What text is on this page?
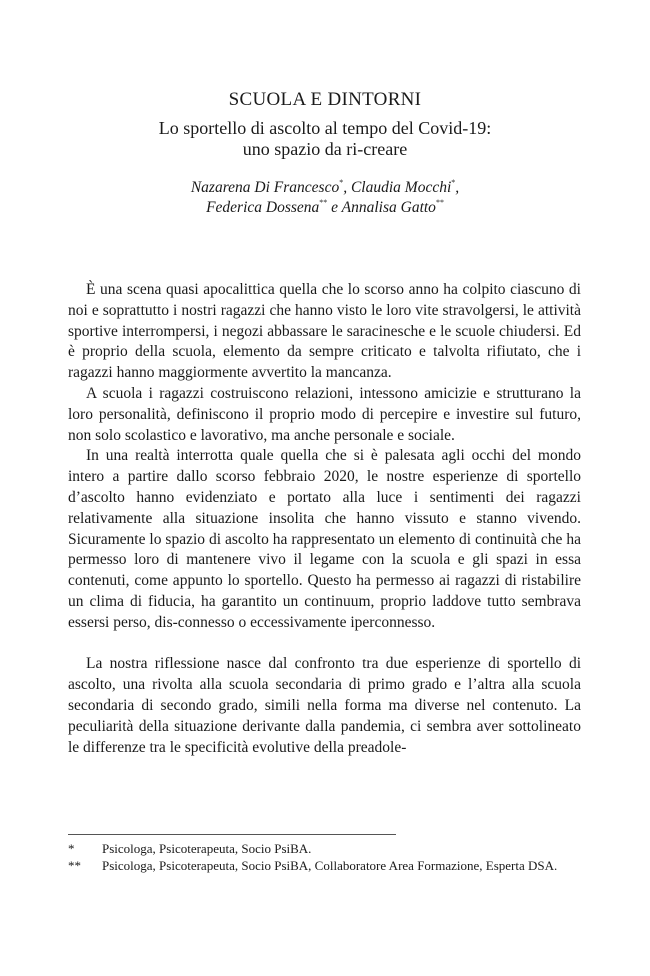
SCUOLA E DINTORNI
Lo sportello di ascolto al tempo del Covid-19:
uno spazio da ri-creare
Nazarena Di Francesco*, Claudia Mocchi*,
Federica Dossena** e Annalisa Gatto**

È una scena quasi apocalittica quella che lo scorso anno ha colpito ciascuno di noi e soprattutto i nostri ragazzi che hanno visto le loro vite stravolgersi, le attività sportive interrompersi, i negozi abbassare le saracinesche e le scuole chiudersi. Ed è proprio della scuola, elemento da sempre criticato e talvolta rifiutato, che i ragazzi hanno maggiormente avvertito la mancanza.

A scuola i ragazzi costruiscono relazioni, intessono amicizie e strutturano la loro personalità, definiscono il proprio modo di percepire e investire sul futuro, non solo scolastico e lavorativo, ma anche personale e sociale.

In una realtà interrotta quale quella che si è palesata agli occhi del mondo intero a partire dallo scorso febbraio 2020, le nostre esperienze di sportello d’ascolto hanno evidenziato e portato alla luce i sentimenti dei ragazzi relativamente alla situazione insolita che hanno vissuto e stanno vivendo. Sicuramente lo spazio di ascolto ha rappresentato un elemento di continuità che ha permesso loro di mantenere vivo il legame con la scuola e gli spazi in essa contenuti, come appunto lo sportello. Questo ha permesso ai ragazzi di ristabilire un clima di fiducia, ha garantito un continuum, proprio laddove tutto sembrava essersi perso, dis-connesso o eccessivamente iperconnesso.

La nostra riflessione nasce dal confronto tra due esperienze di sportello di ascolto, una rivolta alla scuola secondaria di primo grado e l’altra alla scuola secondaria di secondo grado, simili nella forma ma diverse nel contenuto. La peculiarità della situazione derivante dalla pandemia, ci sembra aver sottolineato le differenze tra le specificità evolutive della preadole-

*	Psicologa, Psicoterapeuta, Socio PsiBA.
**	Psicologa, Psicoterapeuta, Socio PsiBA, Collaboratore Area Formazione, Esperta DSA.
